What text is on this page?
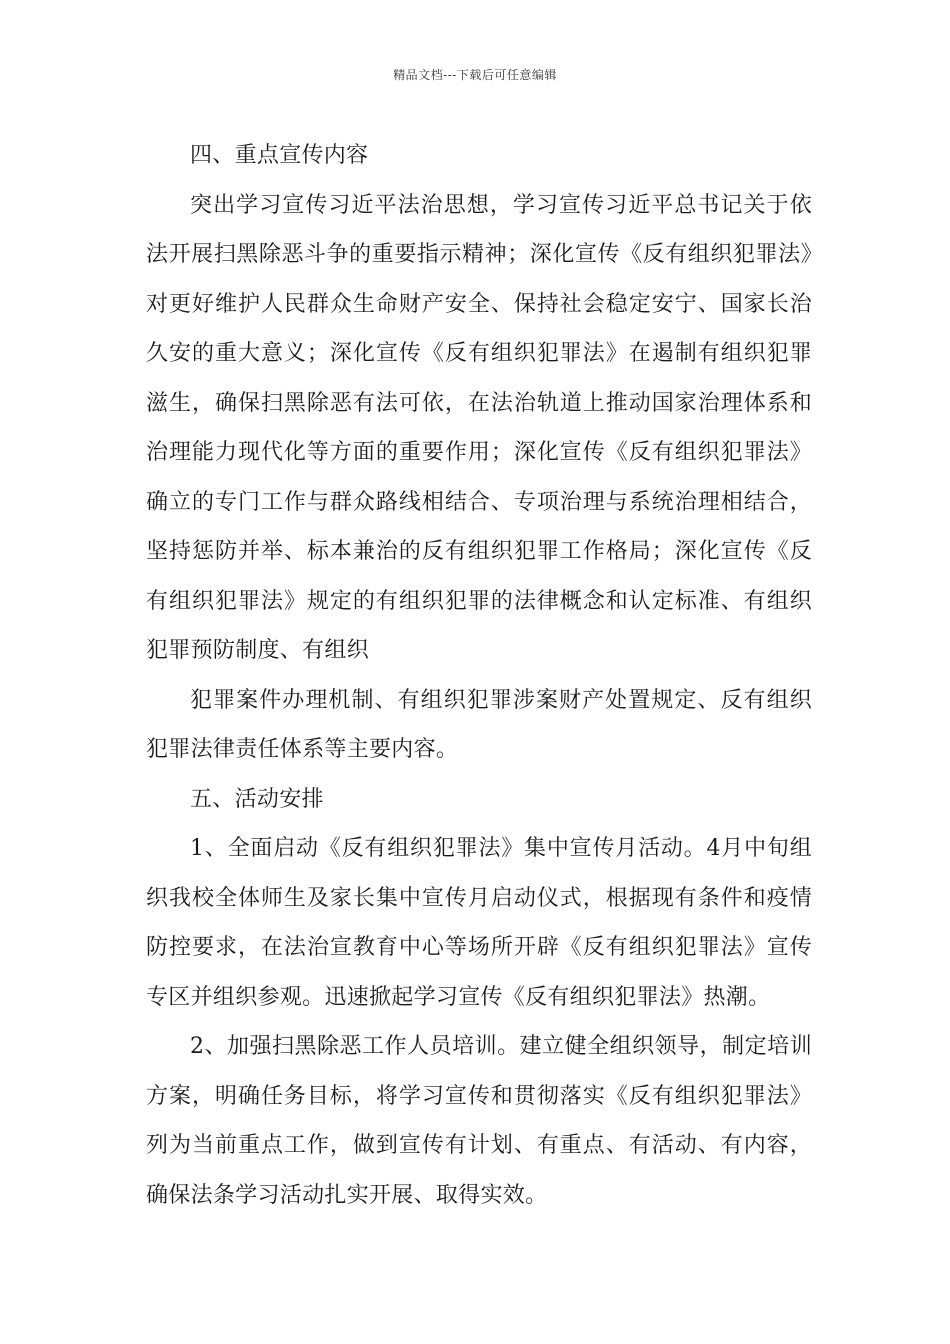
精品文档---下载后可任意编辑

四、重点宣传内容

突出学习宣传习近平法治思想，学习宣传习近平总书记关于依法开展扫黑除恶斗争的重要指示精神；深化宣传《反有组织犯罪法》对更好维护人民群众生命财产安全、保持社会稳定安宁、国家长治久安的重大意义；深化宣传《反有组织犯罪法》在遏制有组织犯罪滋生，确保扫黑除恶有法可依，在法治轨道上推动国家治理体系和治理能力现代化等方面的重要作用；深化宣传《反有组织犯罪法》确立的专门工作与群众路线相结合、专项治理与系统治理相结合，坚持惩防并举、标本兼治的反有组织犯罪工作格局；深化宣传《反有组织犯罪法》规定的有组织犯罪的法律概念和认定标准、有组织犯罪预防制度、有组织

犯罪案件办理机制、有组织犯罪涉案财产处置规定、反有组织犯罪法律责任体系等主要内容。

五、活动安排

1、全面启动《反有组织犯罪法》集中宣传月活动。4月中旬组织我校全体师生及家长集中宣传月启动仪式，根据现有条件和疫情防控要求，在法治宣教育中心等场所开辟《反有组织犯罪法》宣传专区并组织参观。迅速掀起学习宣传《反有组织犯罪法》热潮。

2、加强扫黑除恶工作人员培训。建立健全组织领导，制定培训方案，明确任务目标，将学习宣传和贯彻落实《反有组织犯罪法》列为当前重点工作，做到宣传有计划、有重点、有活动、有内容，确保法条学习活动扎实开展、取得实效。
